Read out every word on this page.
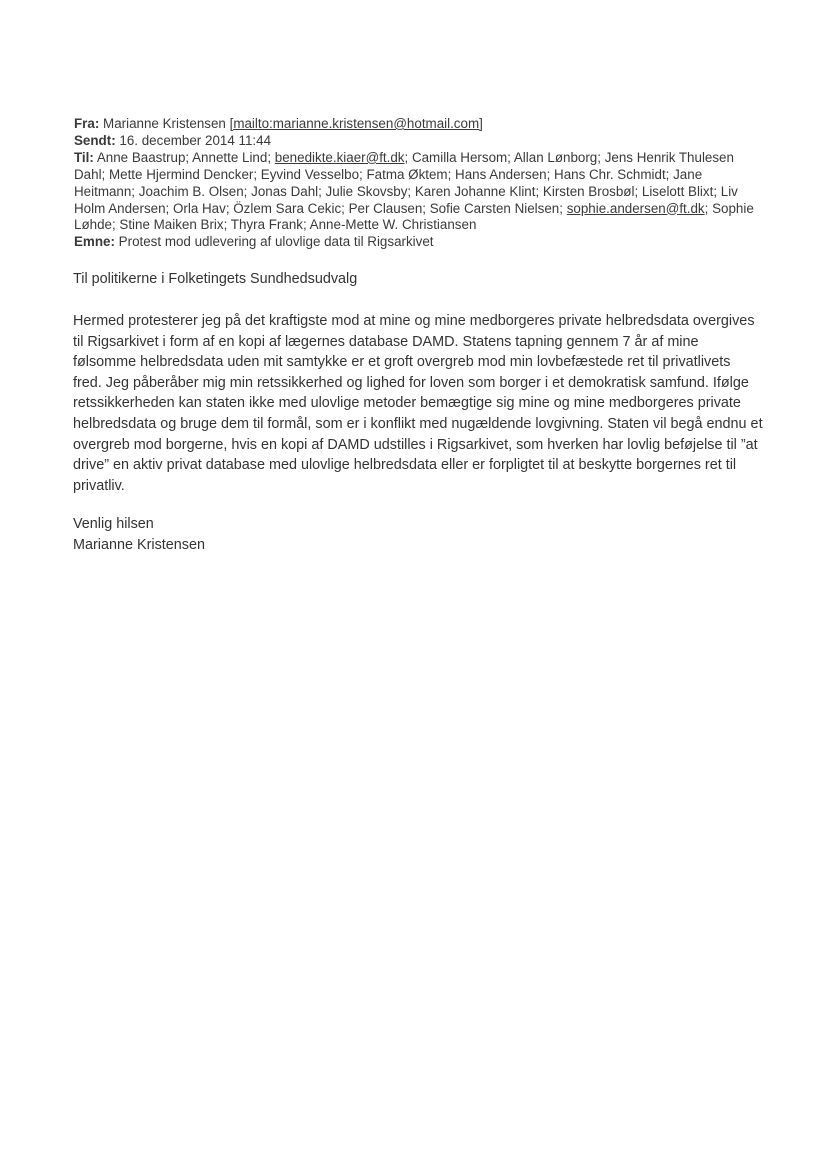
Fra: Marianne Kristensen [mailto:marianne.kristensen@hotmail.com]
Sendt: 16. december 2014 11:44
Til: Anne Baastrup; Annette Lind; benedikte.kiaer@ft.dk; Camilla Hersom; Allan Lønborg; Jens Henrik Thulesen Dahl; Mette Hjermind Dencker; Eyvind Vesselbo; Fatma Øktem; Hans Andersen; Hans Chr. Schmidt; Jane Heitmann; Joachim B. Olsen; Jonas Dahl; Julie Skovsby; Karen Johanne Klint; Kirsten Brosbøl; Liselott Blixt; Liv Holm Andersen; Orla Hav; Özlem Sara Cekic; Per Clausen; Sofie Carsten Nielsen; sophie.andersen@ft.dk; Sophie Løhde; Stine Maiken Brix; Thyra Frank; Anne-Mette W. Christiansen
Emne: Protest mod udlevering af ulovlige data til Rigsarkivet
Til politikerne i Folketingets Sundhedsudvalg

Hermed protesterer jeg på det kraftigste mod at mine og mine medborgeres private helbredsdata overgives til Rigsarkivet i form af en kopi af lægernes database DAMD. Statens tapning gennem 7 år af mine følsomme helbredsdata uden mit samtykke er et groft overgreb mod min lovbefæstede ret til privatlivets fred. Jeg påberåber mig min retssikkerhed og lighed for loven som borger i et demokratisk samfund. Ifølge retssikkerheden kan staten ikke med ulovlige metoder bemægtige sig mine og mine medborgeres private helbredsdata og bruge dem til formål, som er i konflikt med nugældende lovgivning. Staten vil begå endnu et overgreb mod borgerne, hvis en kopi af DAMD udstilles i Rigsarkivet, som hverken har lovlig beføjelse til ”at drive” en aktiv privat database med ulovlige helbredsdata eller er forpligtet til at beskytte borgernes ret til privatliv.

Venlig hilsen
Marianne Kristensen
